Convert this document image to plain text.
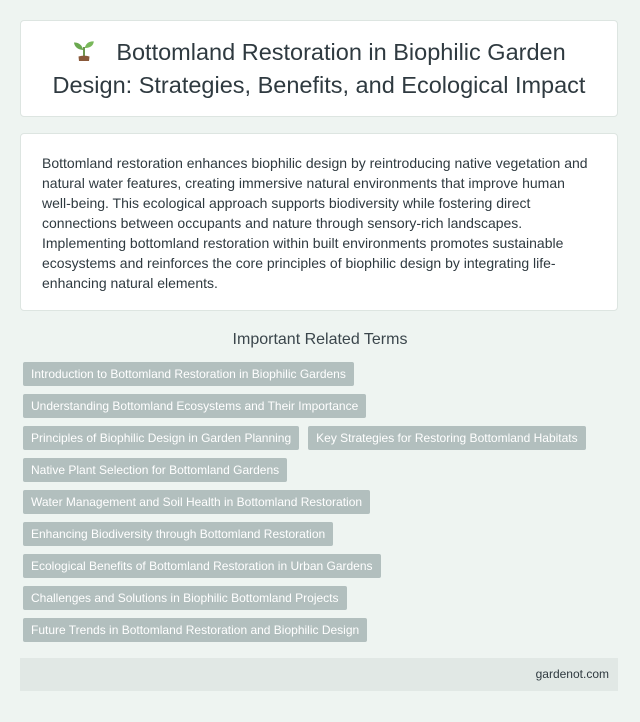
Bottomland Restoration in Biophilic Garden Design: Strategies, Benefits, and Ecological Impact

Bottomland restoration enhances biophilic design by reintroducing native vegetation and natural water features, creating immersive natural environments that improve human well-being. This ecological approach supports biodiversity while fostering direct connections between occupants and nature through sensory-rich landscapes. Implementing bottomland restoration within built environments promotes sustainable ecosystems and reinforces the core principles of biophilic design by integrating life-enhancing natural elements.

Important Related Terms
Introduction to Bottomland Restoration in Biophilic Gardens
Understanding Bottomland Ecosystems and Their Importance
Principles of Biophilic Design in Garden Planning	Key Strategies for Restoring Bottomland Habitats
Native Plant Selection for Bottomland Gardens
Water Management and Soil Health in Bottomland Restoration
Enhancing Biodiversity through Bottomland Restoration
Ecological Benefits of Bottomland Restoration in Urban Gardens
Challenges and Solutions in Biophilic Bottomland Projects
Future Trends in Bottomland Restoration and Biophilic Design
gardenot.com
